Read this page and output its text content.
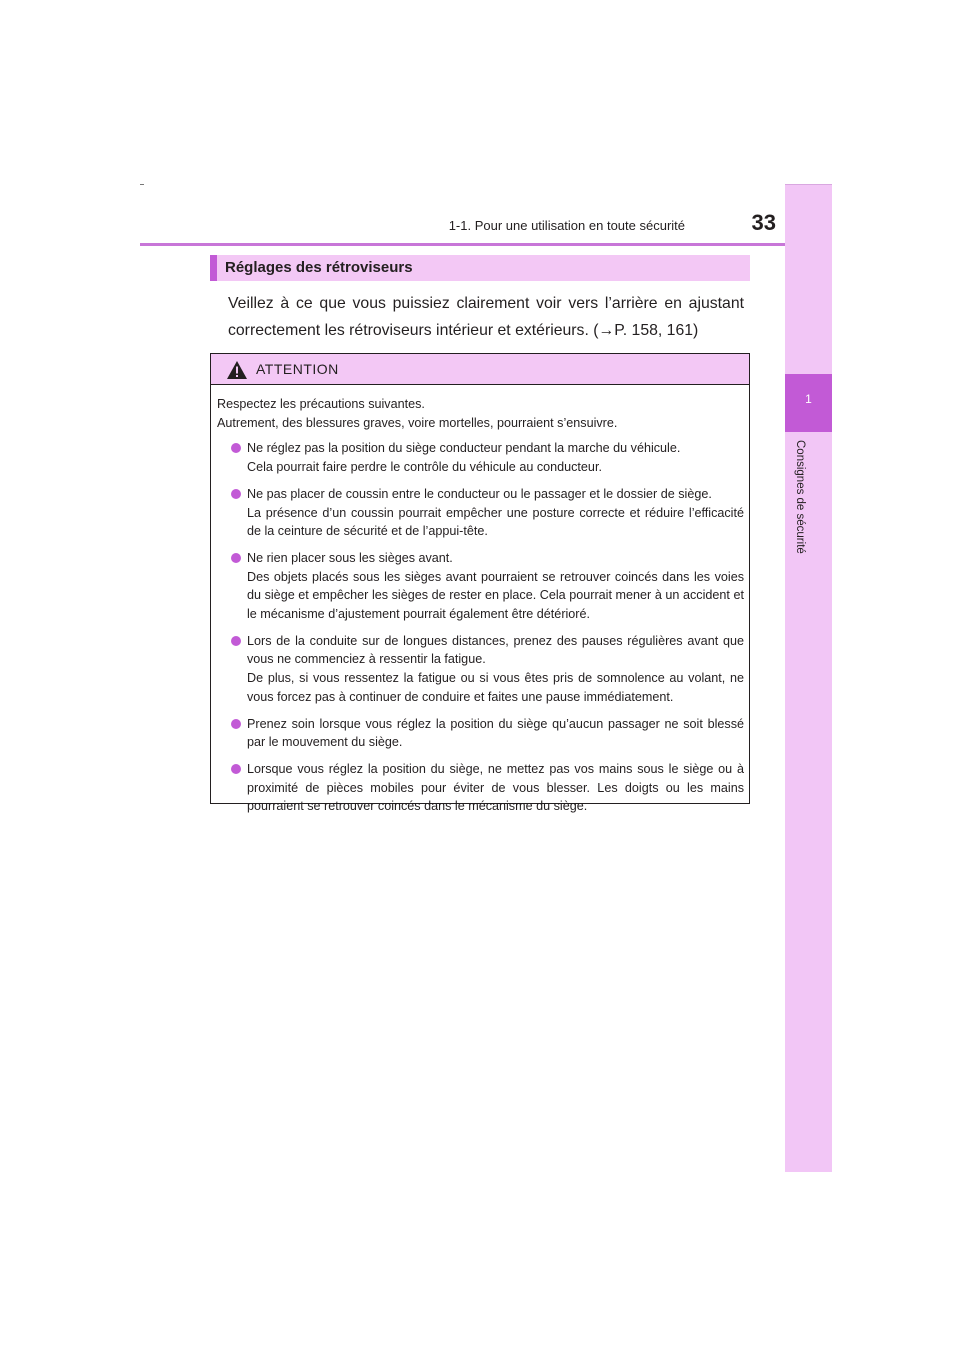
1-1. Pour une utilisation en toute sécurité	33
1
Consignes de sécurité
Réglages des rétroviseurs
Veillez à ce que vous puissiez clairement voir vers l’arrière en ajustant correctement les rétroviseurs intérieur et extérieurs. (→P. 158, 161)
ATTENTION
Respectez les précautions suivantes.
Autrement, des blessures graves, voire mortelles, pourraient s’ensuivre.
Ne réglez pas la position du siège conducteur pendant la marche du véhicule.
Cela pourrait faire perdre le contrôle du véhicule au conducteur.
Ne pas placer de coussin entre le conducteur ou le passager et le dossier de siège.
La présence d’un coussin pourrait empêcher une posture correcte et réduire l’efficacité de la ceinture de sécurité et de l’appui-tête.
Ne rien placer sous les sièges avant.
Des objets placés sous les sièges avant pourraient se retrouver coincés dans les voies du siège et empêcher les sièges de rester en place. Cela pourrait mener à un accident et le mécanisme d’ajustement pourrait également être détérioré.
Lors de la conduite sur de longues distances, prenez des pauses régulières avant que vous ne commenciez à ressentir la fatigue.
De plus, si vous ressentez la fatigue ou si vous êtes pris de somnolence au volant, ne vous forcez pas à continuer de conduire et faites une pause immédiatement.
Prenez soin lorsque vous réglez la position du siège qu’aucun passager ne soit blessé par le mouvement du siège.
Lorsque vous réglez la position du siège, ne mettez pas vos mains sous le siège ou à proximité de pièces mobiles pour éviter de vous blesser. Les doigts ou les mains pourraient se retrouver coincés dans le mécanisme du siège.
